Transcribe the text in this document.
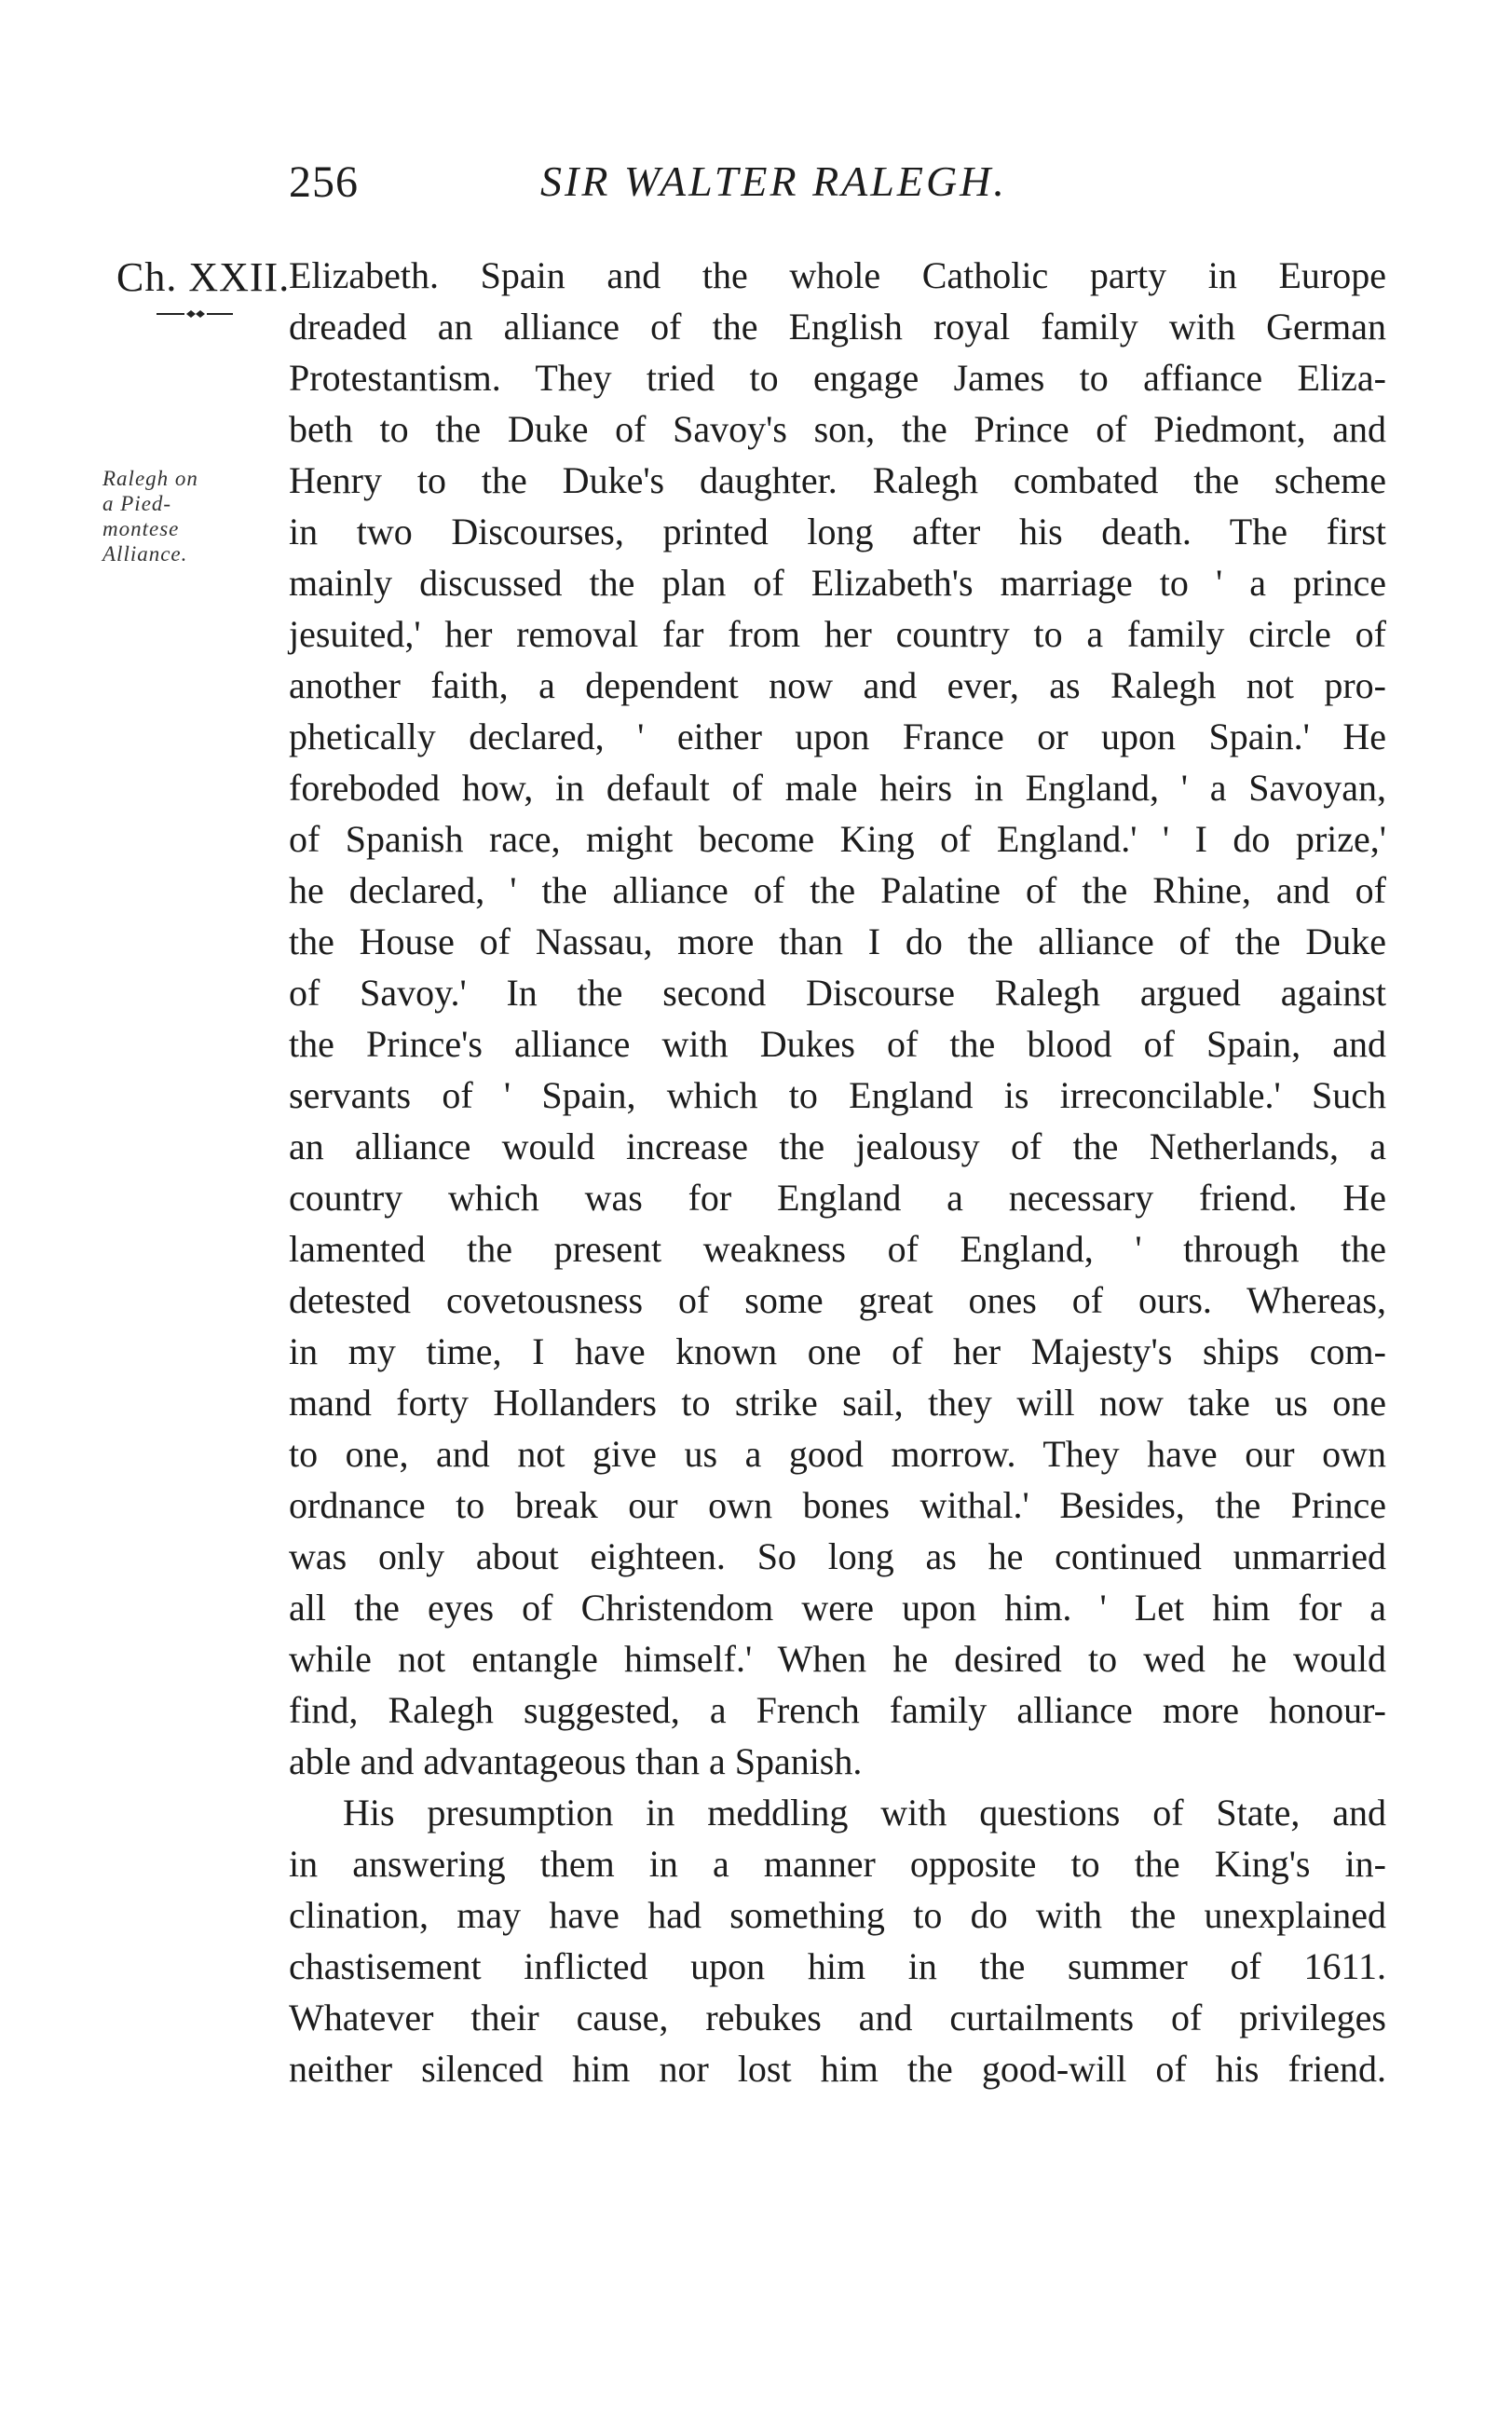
256	SIR WALTER RALEGH.
Ch. XXII.
Ralegh on
a Pied-
montese
Alliance.
Elizabeth. Spain and the whole Catholic party in Europe
dreaded an alliance of the English royal family with German
Protestantism. They tried to engage James to affiance Eliza-
beth to the Duke of Savoy's son, the Prince of Piedmont, and
Henry to the Duke's daughter. Ralegh combated the scheme
in two Discourses, printed long after his death. The first
mainly discussed the plan of Elizabeth's marriage to ' a prince
jesuited,' her removal far from her country to a family circle of
another faith, a dependent now and ever, as Ralegh not pro-
phetically declared, ' either upon France or upon Spain.' He
foreboded how, in default of male heirs in England, ' a Savoyan,
of Spanish race, might become King of England.' ' I do prize,'
he declared, ' the alliance of the Palatine of the Rhine, and of
the House of Nassau, more than I do the alliance of the Duke
of Savoy.' In the second Discourse Ralegh argued against
the Prince's alliance with Dukes of the blood of Spain, and
servants of ' Spain, which to England is irreconcilable.' Such
an alliance would increase the jealousy of the Netherlands, a
country which was for England a necessary friend. He
lamented the present weakness of England, ' through the
detested covetousness of some great ones of ours. Whereas,
in my time, I have known one of her Majesty's ships com-
mand forty Hollanders to strike sail, they will now take us one
to one, and not give us a good morrow. They have our own
ordnance to break our own bones withal.' Besides, the Prince
was only about eighteen. So long as he continued unmarried
all the eyes of Christendom were upon him. ' Let him for a
while not entangle himself.' When he desired to wed he would
find, Ralegh suggested, a French family alliance more honour-
able and advantageous than a Spanish.
His presumption in meddling with questions of State, and
in answering them in a manner opposite to the King's in-
clination, may have had something to do with the unexplained
chastisement inflicted upon him in the summer of 1611.
Whatever their cause, rebukes and curtailments of privileges
neither silenced him nor lost him the good-will of his friend.
